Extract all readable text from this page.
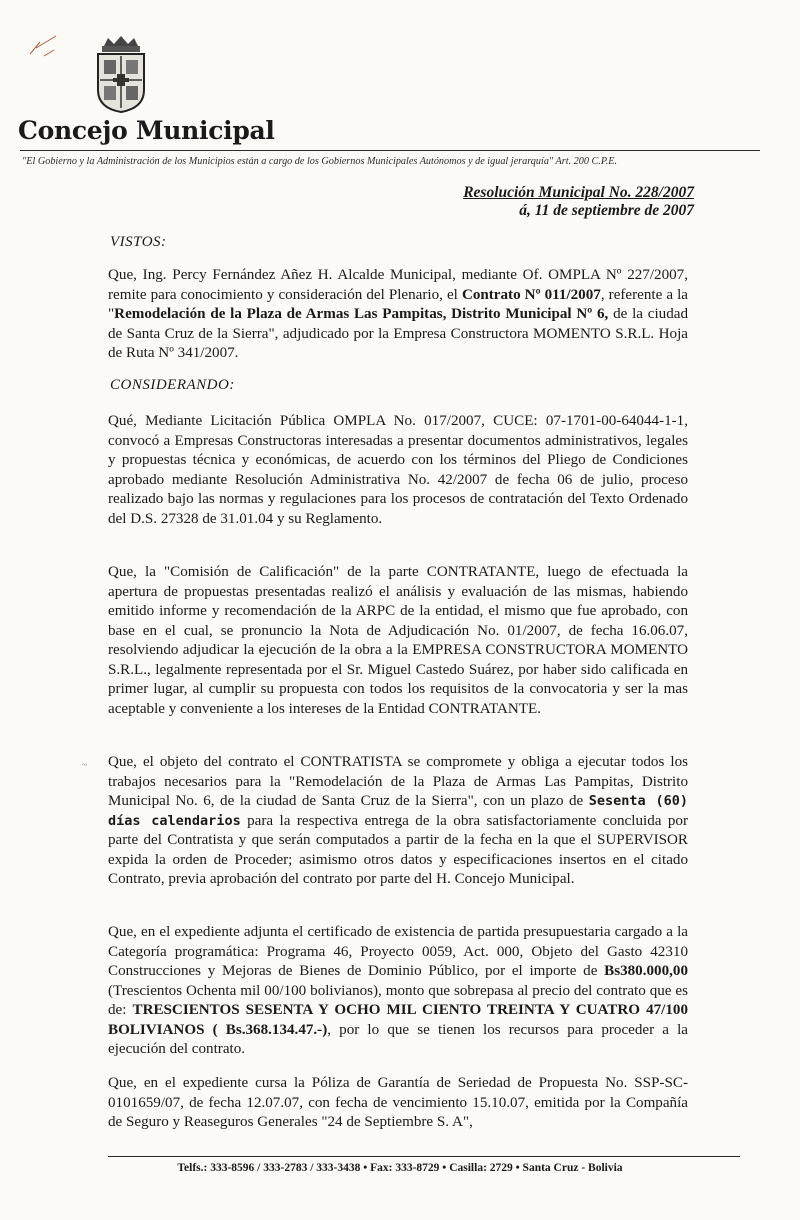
Concejo Municipal
"El Gobierno y la Administración de los Municipios están a cargo de los Gobiernos Municipales Autónomos y de igual jerarquía" Art. 200 C.P.E.
Resolución Municipal No. 228/2007
á, 11 de septiembre de 2007
VISTOS:
Que, Ing. Percy Fernández Añez H. Alcalde Municipal, mediante Of. OMPLA Nº 227/2007, remite para conocimiento y consideración del Plenario, el Contrato Nº 011/2007, referente a la "Remodelación de la Plaza de Armas Las Pampitas, Distrito Municipal Nº 6, de la ciudad de Santa Cruz de la Sierra", adjudicado por la Empresa Constructora MOMENTO S.R.L. Hoja de Ruta Nº 341/2007.
CONSIDERANDO:
Qué, Mediante Licitación Pública OMPLA No. 017/2007, CUCE: 07-1701-00-64044-1-1, convocó a Empresas Constructoras interesadas a presentar documentos administrativos, legales y propuestas técnica y económicas, de acuerdo con los términos del Pliego de Condiciones aprobado mediante Resolución Administrativa No. 42/2007 de fecha 06 de julio, proceso realizado bajo las normas y regulaciones para los procesos de contratación del Texto Ordenado del D.S. 27328 de 31.01.04 y su Reglamento.
Que, la "Comisión de Calificación" de la parte CONTRATANTE, luego de efectuada la apertura de propuestas presentadas realizó el análisis y evaluación de las mismas, habiendo emitido informe y recomendación de la ARPC de la entidad, el mismo que fue aprobado, con base en el cual, se pronuncio la Nota de Adjudicación No. 01/2007, de fecha 16.06.07, resolviendo adjudicar la ejecución de la obra a la EMPRESA CONSTRUCTORA MOMENTO S.R.L., legalmente representada por el Sr. Miguel Castedo Suárez, por haber sido calificada en primer lugar, al cumplir su propuesta con todos los requisitos de la convocatoria y ser la mas aceptable y conveniente a los intereses de la Entidad CONTRATANTE.
~ Que, el objeto del contrato el CONTRATISTA se compromete y obliga a ejecutar todos los trabajos necesarios para la "Remodelación de la Plaza de Armas Las Pampitas, Distrito Municipal No. 6, de la ciudad de Santa Cruz de la Sierra", con un plazo de Sesenta (60) días calendarios para la respectiva entrega de la obra satisfactoriamente concluida por parte del Contratista y que serán computados a partir de la fecha en la que el SUPERVISOR expida la orden de Proceder; asimismo otros datos y especificaciones insertos en el citado Contrato, previa aprobación del contrato por parte del H. Concejo Municipal.
Que, en el expediente adjunta el certificado de existencia de partida presupuestaria cargado a la Categoría programática: Programa 46, Proyecto 0059, Act. 000, Objeto del Gasto 42310 Construcciones y Mejoras de Bienes de Dominio Público, por el importe de Bs380.000,00 (Trescientos Ochenta mil 00/100 bolivianos), monto que sobrepasa al precio del contrato que es de: TRESCIENTOS SESENTA Y OCHO MIL CIENTO TREINTA Y CUATRO 47/100 BOLIVIANOS ( Bs.368.134.47.-), por lo que se tienen los recursos para proceder a la ejecución del contrato.
Que, en el expediente cursa la Póliza de Garantía de Seriedad de Propuesta No. SSP-SC-0101659/07, de fecha 12.07.07, con fecha de vencimiento 15.10.07, emitida por la Compañía de Seguro y Reaseguros Generales "24 de Septiembre S. A",
Telfs.: 333-8596 / 333-2783 / 333-3438 • Fax: 333-8729 • Casilla: 2729 • Santa Cruz - Bolivia
